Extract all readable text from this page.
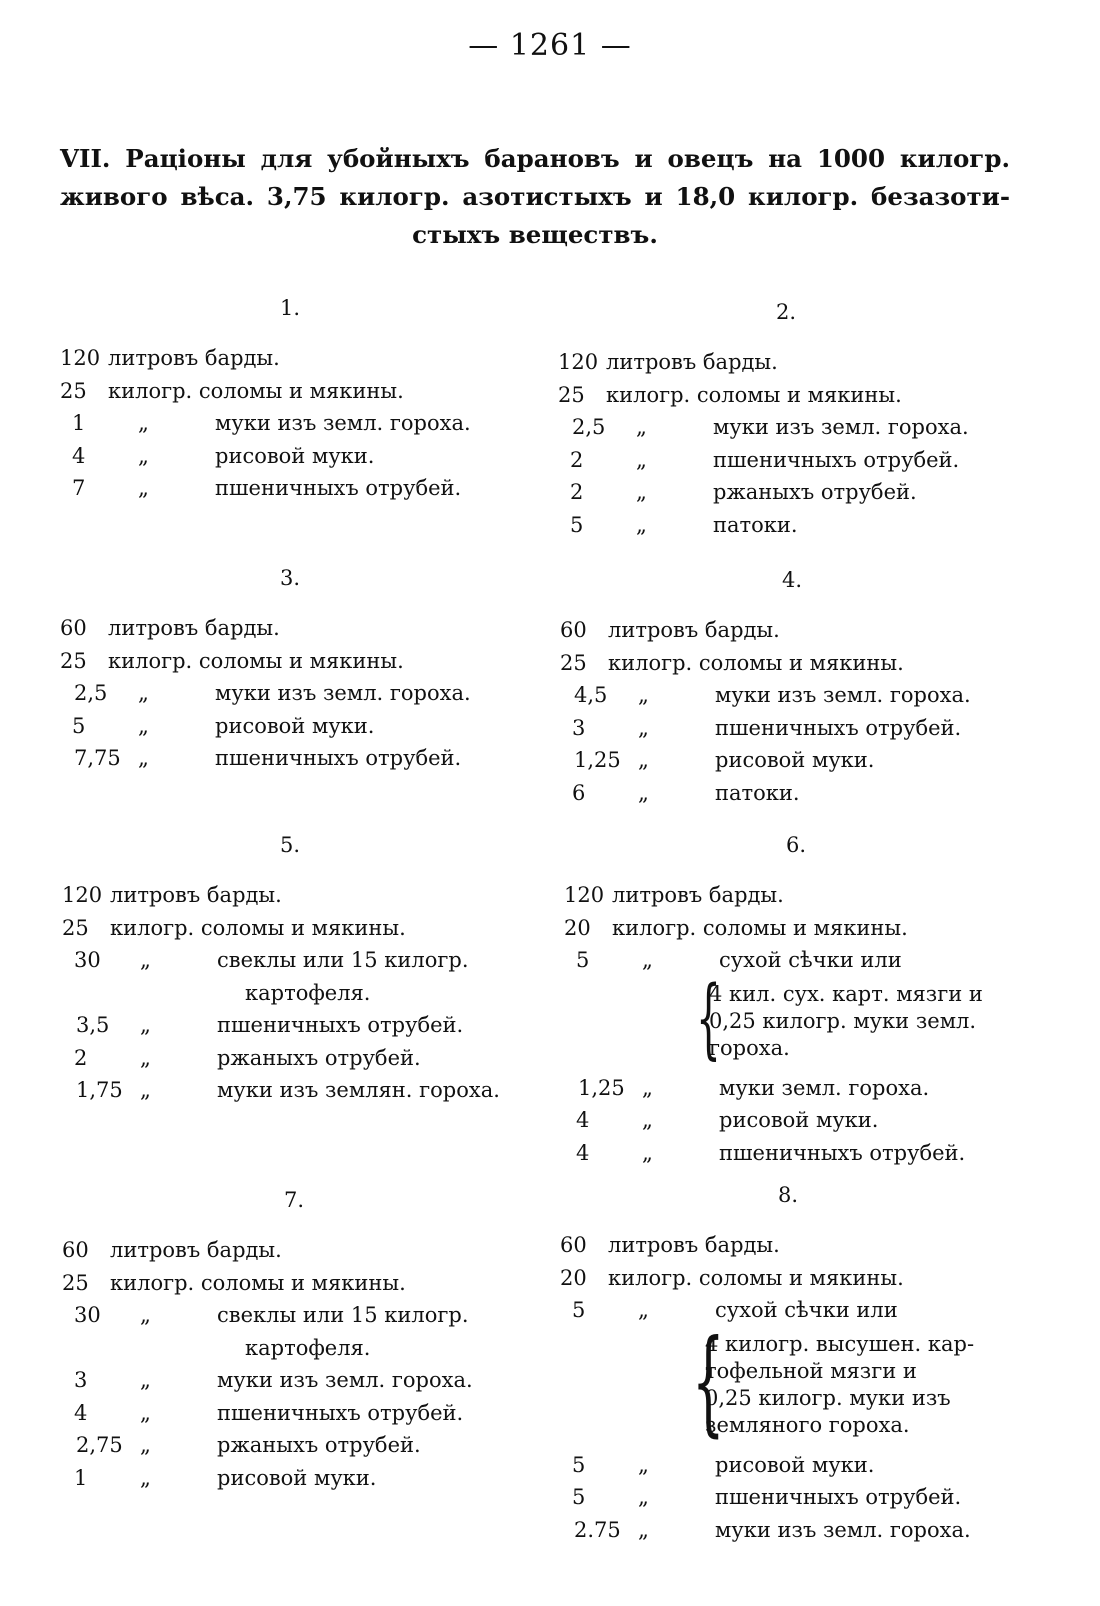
— 1261 —
VII. Раціоны для убойныхъ барановъ и овецъ на 1000 килогр.
живого вѣса. 3,75 килогр. азотистыхъ и 18,0 килогр. безазоти-
стыхъ веществъ.
1.
120 литровъ барды.
25 килогр. соломы и мякины.
1	„	муки изъ земл. гороха.
4	„	рисовой муки.
7	„	пшеничныхъ отрубей.
2.
120 литровъ барды.
25 килогр. соломы и мякины.
2,5 „	муки изъ земл. гороха.
2	„	пшеничныхъ отрубей.
2	„	ржаныхъ отрубей.
5	„	патоки.
3.
60 литровъ барды.
25 килогр. соломы и мякины.
2,5 „	муки изъ земл. гороха.
5	„	рисовой муки.
7,75 „	пшеничныхъ отрубей.
4.
60 литровъ барды.
25 килогр. соломы и мякины.
4,5 „	муки изъ земл. гороха.
3	„	пшеничныхъ отрубей.
1,25 „	рисовой муки.
6	„	патоки.
5.
120 литровъ барды.
25 килогр. соломы и мякины.
30 „	свеклы или 15 килогр.
картофеля.
3,5 „	пшеничныхъ отрубей.
2	„	ржаныхъ отрубей.
1,75 „	муки изъ землян. гороха.
6.
120 литровъ барды.
20 килогр. соломы и мякины.
5	„	сухой сѣчки или
{
4 кил. сух. карт. мязги и
0,25 килогр. муки земл.
гороха.
1,25 „	муки земл. гороха.
4	„	рисовой муки.
4	„	пшеничныхъ отрубей.
7.
60 литровъ барды.
25 килогр. соломы и мякины.
30 „	свеклы или 15 килогр.
картофеля.
3	„	муки изъ земл. гороха.
4	„	пшеничныхъ отрубей.
2,75 „	ржаныхъ отрубей.
1	„	рисовой муки.
8.
60 литровъ барды.
20 килогр. соломы и мякины.
5	„	сухой сѣчки или
{
4 килогр. высушен. кар-
тофельной мязги и
0,25 килогр. муки изъ
земляного гороха.
5	„	рисовой муки.
5	„	пшеничныхъ отрубей.
2.75 „	муки изъ земл. гороха.
